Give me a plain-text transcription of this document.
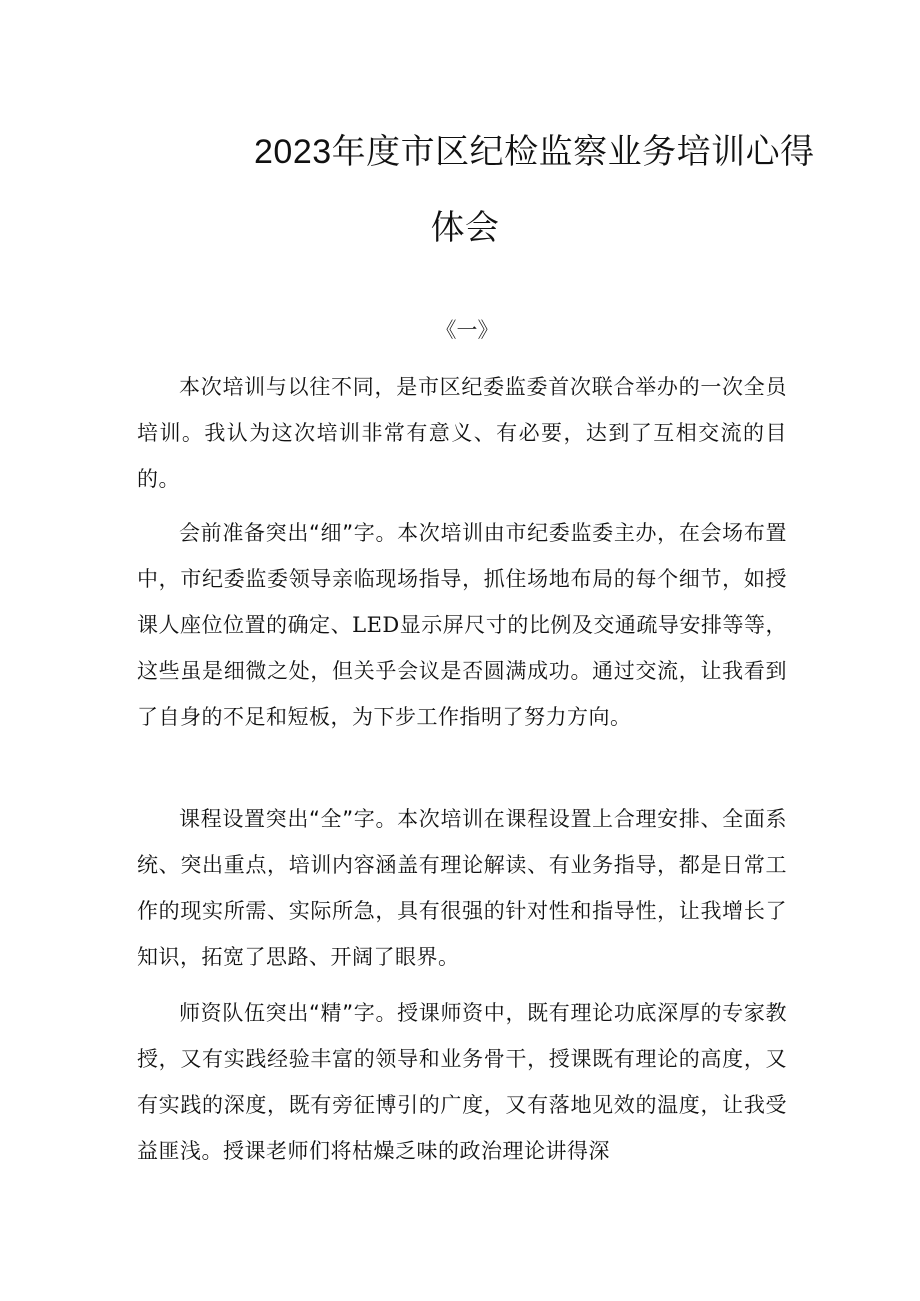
2023年度市区纪检监察业务培训心得
体会
《一》

本次培训与以往不同，是市区纪委监委首次联合举办的一次全员培训。我认为这次培训非常有意义、有必要，达到了互相交流的目的。

会前准备突出“细”字。本次培训由市纪委监委主办，在会场布置中，市纪委监委领导亲临现场指导，抓住场地布局的每个细节，如授课人座位位置的确定、LED显示屏尺寸的比例及交通疏导安排等等，这些虽是细微之处，但关乎会议是否圆满成功。通过交流，让我看到了自身的不足和短板，为下步工作指明了努力方向。

课程设置突出“全”字。本次培训在课程设置上合理安排、全面系统、突出重点，培训内容涵盖有理论解读、有业务指导，都是日常工作的现实所需、实际所急，具有很强的针对性和指导性，让我增长了知识，拓宽了思路、开阔了眼界。

师资队伍突出“精”字。授课师资中，既有理论功底深厚的专家教授，又有实践经验丰富的领导和业务骨干，授课既有理论的高度，又有实践的深度，既有旁征博引的广度，又有落地见效的温度，让我受益匪浅。授课老师们将枯燥乏味的政治理论讲得深
